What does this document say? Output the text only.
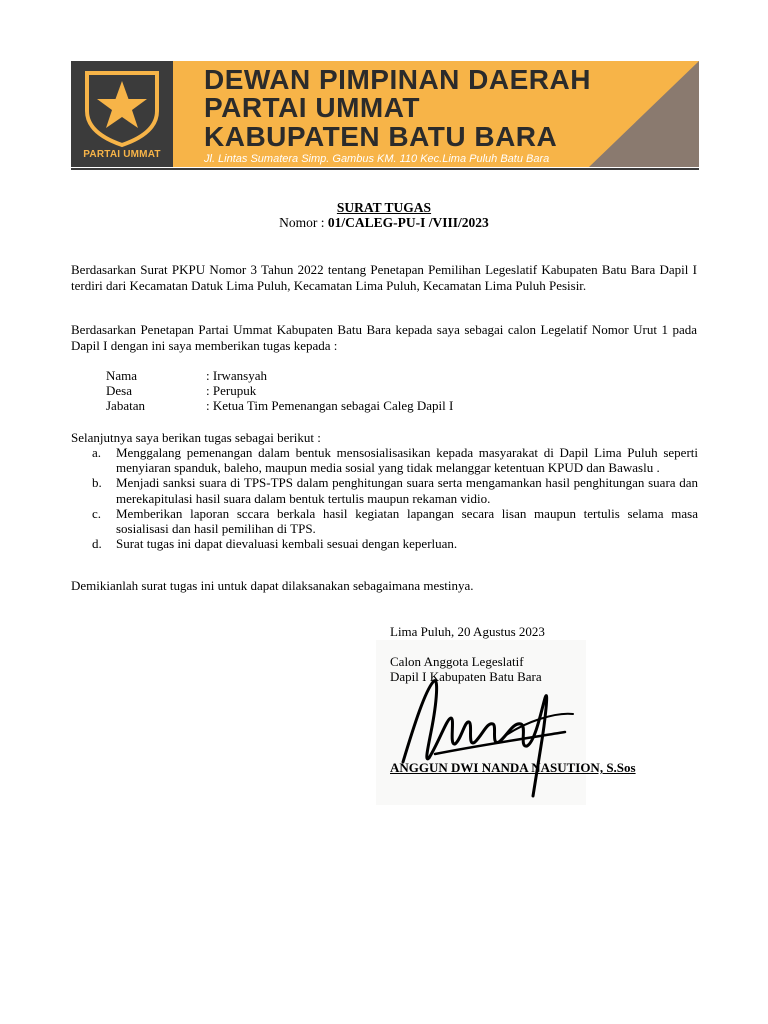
PARTAI UMMAT
DEWAN PIMPINAN DAERAH
PARTAI UMMAT
KABUPATEN BATU BARA
Jl. Lintas Sumatera Simp. Gambus KM. 110 Kec.Lima Puluh Batu Bara
SURAT TUGAS
Nomor : 01/CALEG-PU-I /VIII/2023
Berdasarkan Surat PKPU Nomor 3 Tahun 2022 tentang Penetapan Pemilihan Legeslatif Kabupaten Batu Bara Dapil I terdiri dari Kecamatan Datuk Lima Puluh, Kecamatan Lima Puluh, Kecamatan Lima Puluh Pesisir.
Berdasarkan Penetapan Partai Ummat Kabupaten Batu Bara kepada saya sebagai calon Legelatif Nomor Urut 1 pada Dapil I dengan ini saya memberikan tugas kepada :
Nama	: Irwansyah
Desa	: Perupuk
Jabatan	: Ketua Tim Pemenangan sebagai Caleg Dapil I
Selanjutnya saya berikan tugas sebagai berikut :
a.	Menggalang pemenangan dalam bentuk mensosialisasikan kepada masyarakat di Dapil Lima Puluh seperti menyiaran spanduk, baleho, maupun media sosial yang tidak melanggar ketentuan KPUD dan Bawaslu .
b.	Menjadi sanksi suara di TPS-TPS dalam penghitungan suara serta mengamankan hasil penghitungan suara dan merekapitulasi hasil suara dalam bentuk tertulis maupun rekaman vidio.
c.	Memberikan laporan sccara berkala hasil kegiatan lapangan secara lisan maupun tertulis selama masa sosialisasi dan hasil pemilihan di TPS.
d.	Surat tugas ini dapat dievaluasi kembali sesuai dengan keperluan.
Demikianlah surat tugas ini untuk dapat dilaksanakan sebagaimana mestinya.
Lima Puluh, 20 Agustus 2023
Calon Anggota Legeslatif
Dapil I Kabupaten Batu Bara
ANGGUN DWI NANDA NASUTION, S.Sos
